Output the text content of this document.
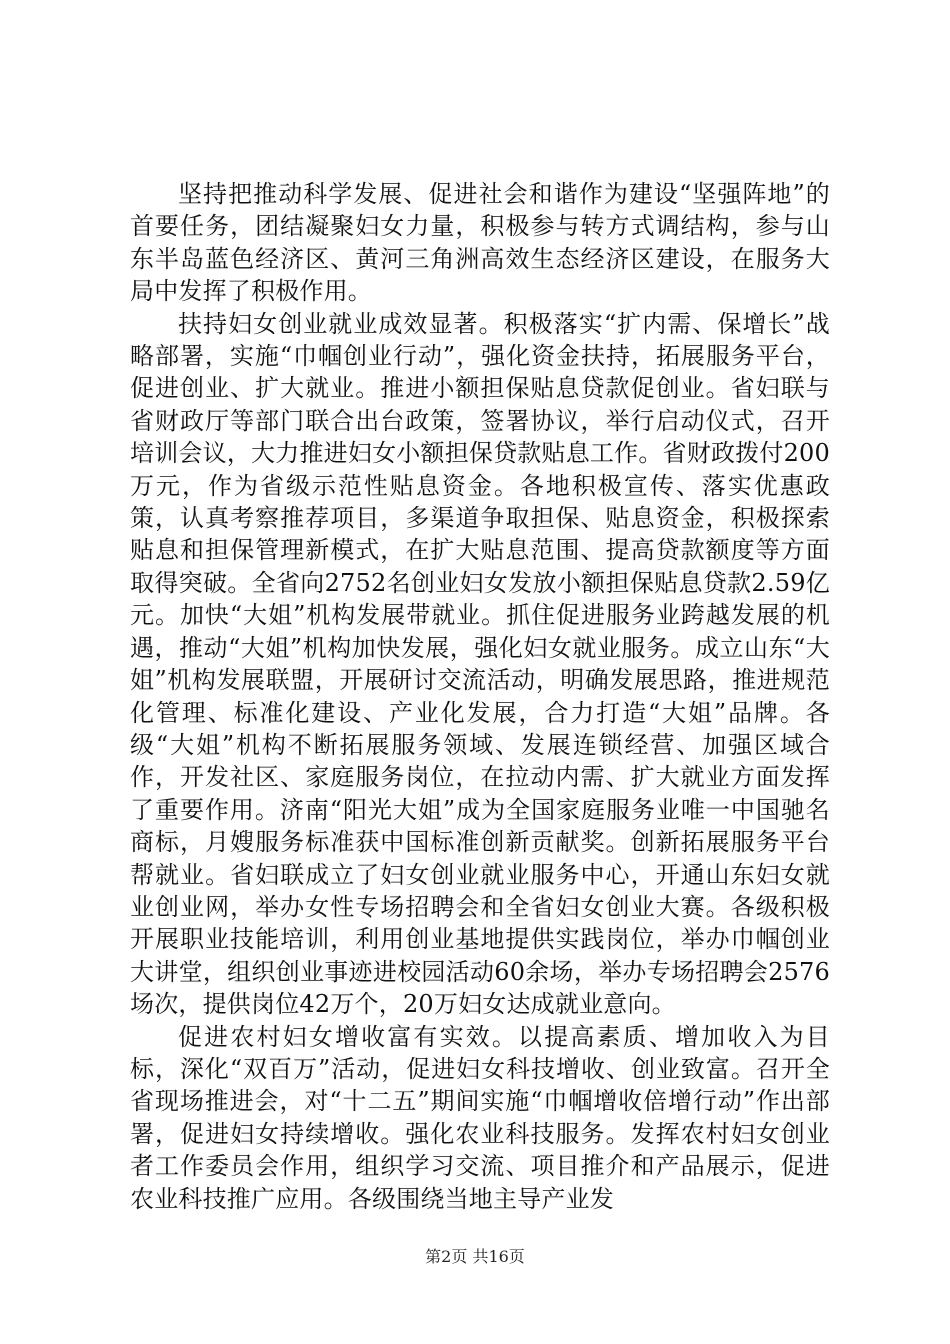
坚持把推动科学发展、促进社会和谐作为建设“坚强阵地”的首要任务，团结凝聚妇女力量，积极参与转方式调结构，参与山东半岛蓝色经济区、黄河三角洲高效生态经济区建设，在服务大局中发挥了积极作用。

扶持妇女创业就业成效显著。积极落实“扩内需、保增长”战略部署，实施“巾帼创业行动”，强化资金扶持，拓展服务平台，促进创业、扩大就业。推进小额担保贴息贷款促创业。省妇联与省财政厅等部门联合出台政策，签署协议，举行启动仪式，召开培训会议，大力推进妇女小额担保贷款贴息工作。省财政拨付200万元，作为省级示范性贴息资金。各地积极宣传、落实优惠政策，认真考察推荐项目，多渠道争取担保、贴息资金，积极探索贴息和担保管理新模式，在扩大贴息范围、提高贷款额度等方面取得突破。全省向2752名创业妇女发放小额担保贴息贷款2.59亿元。加快“大姐”机构发展带就业。抓住促进服务业跨越发展的机遇，推动“大姐”机构加快发展，强化妇女就业服务。成立山东“大姐”机构发展联盟，开展研讨交流活动，明确发展思路，推进规范化管理、标准化建设、产业化发展，合力打造“大姐”品牌。各级“大姐”机构不断拓展服务领域、发展连锁经营、加强区域合作，开发社区、家庭服务岗位，在拉动内需、扩大就业方面发挥了重要作用。济南“阳光大姐”成为全国家庭服务业唯一中国驰名商标，月嫂服务标准获中国标准创新贡献奖。创新拓展服务平台帮就业。省妇联成立了妇女创业就业服务中心，开通山东妇女就业创业网，举办女性专场招聘会和全省妇女创业大赛。各级积极开展职业技能培训，利用创业基地提供实践岗位，举办巾帼创业大讲堂，组织创业事迹进校园活动60余场，举办专场招聘会2576场次，提供岗位42万个，20万妇女达成就业意向。

促进农村妇女增收富有实效。以提高素质、增加收入为目标，深化“双百万”活动，促进妇女科技增收、创业致富。召开全省现场推进会，对“十二五”期间实施“巾帼增收倍增行动”作出部署，促进妇女持续增收。强化农业科技服务。发挥农村妇女创业者工作委员会作用，组织学习交流、项目推介和产品展示，促进农业科技推广应用。各级围绕当地主导产业发

第2页 共16页
